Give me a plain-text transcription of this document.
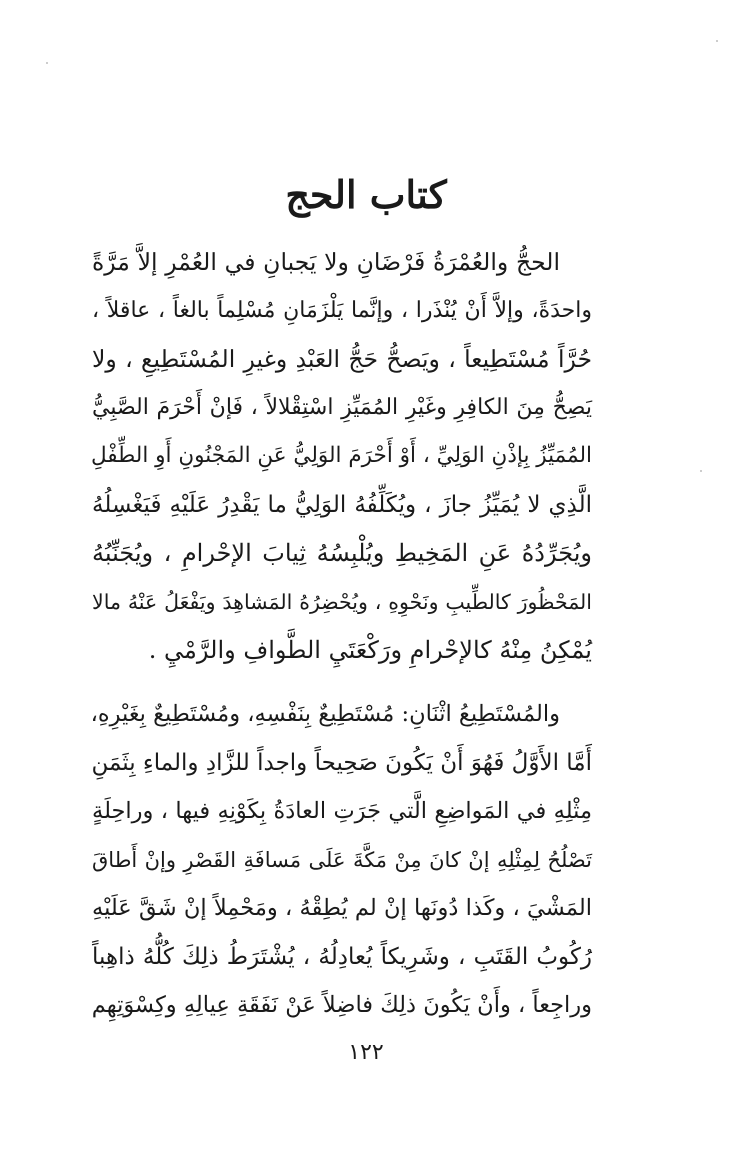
كتاب الحج
الحجُّ والعُمْرَةُ فَرْضَانِ ولا يَجبانِ في العُمْرِ إلاَّ مَرَّةً
واحدَةً، وإلاَّ أَنْ يُنْذَرا ، وإنَّما يَلْزَمَانِ مُسْلِماً بالغاً ، عاقلاً ،
حُرَّاً مُسْتَطِيعاً ، ويَصحُّ حَجُّ العَبْدِ وغيرِ المُسْتَطِيعِ ، ولا
يَصِحُّ مِنَ الكافِرِ وغَيْرِ المُمَيِّزِ اسْتِقْلالاً ، فَإنْ أَحْرَمَ الصَّبِيُّ
المُمَيِّزُ بِإذْنِ الوَلِيِّ ، أَوْ أَحْرَمَ الوَلِيُّ عَنِ المَجْنُونِ أَوِ الطِّفْلِ
الَّذِي لا يُمَيِّزُ جازَ ، ويُكَلِّفُهُ الوَلِيُّ ما يَقْدِرُ عَلَيْهِ فَيَغْسِلُهُ
ويُجَرِّدُهُ عَنِ المَخِيطِ ويُلْبِسُهُ ثِيابَ الإحْرامِ ، ويُجَنِّبُهُ
المَحْظُورَ كالطِّيبِ ونَحْوِهِ ، ويُحْضِرُهُ المَشاهِدَ ويَفْعَلُ عَنْهُ مالا
يُمْكِنُ مِنْهُ كالإحْرامِ ورَكْعَتَيِ الطَّوافِ والرَّمْيِ .
والمُسْتَطِيعُ اثْنَانِ: مُسْتَطِيعٌ بِنَفْسِهِ، ومُسْتَطِيعٌ بِغَيْرِهِ،
أَمَّا الأَوَّلُ فَهُوَ أَنْ يَكُونَ صَحِيحاً واجداً للزَّادِ والماءِ بِثَمَنِ
مِثْلِهِ في المَواضِعِ الَّتي جَرَتِ العادَةُ بِكَوْنِهِ فيها ، وراحِلَةٍ
تَصْلُحُ لِمِثْلِهِ إنْ كانَ مِنْ مَكَّةَ عَلَى مَسافَةِ القَصْرِ وإنْ أَطاقَ
المَشْيَ ، وكَذا دُونَها إنْ لم يُطِقْهُ ، ومَحْمِلاً إنْ شَقَّ عَلَيْهِ
رُكُوبُ القَتَبِ ، وشَرِيكاً يُعادِلُهُ ، يُشْتَرَطُ ذلِكَ كُلُّهُ ذاهِباً
وراجِعاً ، وأَنْ يَكُونَ ذلِكَ فاضِلاً عَنْ نَفَقَةِ عِيالِهِ وكِسْوَتِهِم
١٢٢
